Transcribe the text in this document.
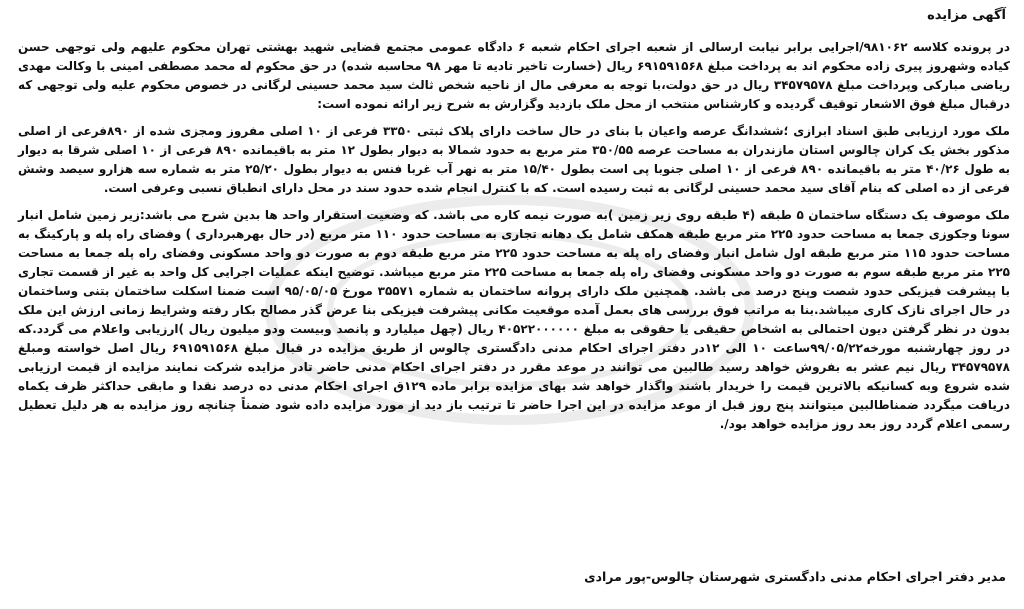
آگهی مزایده

در پرونده کلاسه ۹۸۱۰۶۲/اجرایی برابر نیابت ارسالی از شعبه اجرای احکام شعبه ۶ دادگاه عمومی مجتمع قضایی شهید بهشتی تهران محکوم علیهم ولی توجهی حسن کیاده وشهروز پیری زاده محکوم اند به پرداخت مبلغ ۶۹۱۵۹۱۵۶۸ ریال (خسارت تاخیر تادیه تا مهر ۹۸ محاسبه شده) در حق محکوم له محمد مصطفی امینی با وکالت مهدی ریاضی مبارکی وپرداخت مبلغ ۳۴۵۷۹۵۷۸ ریال در حق دولت،با توجه به معرفی مال از ناحیه شخص ثالث سید محمد حسینی لرگانی در خصوص محکوم علیه ولی توجهی که درقبال مبلغ فوق الاشعار توقیف گردیده و کارشناس منتخب از محل ملک بازدید وگزارش به شرح زیر ارائه نموده است:

ملک مورد ارزیابی طبق اسناد ابرازی ؛ششدانگ عرصه واعیان با بنای در حال ساخت دارای پلاک ثبتی ۳۳۵۰ فرعی از ۱۰ اصلی مفروز ومجزی شده از ۸۹۰فرعی از اصلی مذکور بخش یک کران چالوس استان مازندران به مساحت عرصه ۳۵۰/۵۵ متر مربع به حدود شمالا به دیوار بطول ۱۲ متر به باقیمانده ۸۹۰ فرعی از ۱۰ اصلی شرقا به دیوار به طول ۴۰/۲۶ متر به باقیمانده ۸۹۰ فرعی از ۱۰ اصلی جنوبا پی است بطول ۱۵/۴۰ متر به نهر آب غربا فنس به دیوار بطول ۲۵/۲۰ متر به شماره سه هزارو سیصد وشش فرعی از ده اصلی که بنام آقای سید محمد حسینی لرگانی به ثبت رسیده است. که با کنترل انجام شده حدود سند در محل دارای انطباق نسبی وعرفی است.

ملک موصوف یک دستگاه ساختمان ۵ طبقه (۴ طبقه روی زیر زمین )به صورت نیمه کاره می باشد. که وضعیت استقرار واحد ها بدین شرح می باشد:زیر زمین شامل انبار سونا وجکوزی جمعا به مساحت حدود ۲۲۵ متر مربع طبقه همکف شامل یک دهانه تجاری به مساحت حدود ۱۱۰ متر مربع (در حال بهرهبرداری ) وفضای راه پله و پارکینگ به مساحت حدود ۱۱۵ متر مربع طبقه اول شامل انبار وفضای راه پله به مساحت حدود ۲۲۵ متر مربع طبقه دوم به صورت دو واحد مسکونی وفضای راه پله جمعا به مساحت ۲۲۵ متر مربع طبقه سوم به صورت دو واحد مسکونی وفضای راه پله جمعا به مساحت ۲۲۵ متر مربع میباشد. توضیح اینکه عملیات اجرایی کل واحد به غیر از قسمت تجاری با پیشرفت فیزیکی حدود شصت وپنج درصد می باشد. همچنین ملک دارای پروانه ساختمان به شماره ۳۵۵۷۱ مورخ ۹۵/۰۵/۰۵ است ضمنا اسکلت ساختمان بتنی وساختمان در حال اجرای نازک کاری میباشد.بنا به مراتب فوق بررسی های بعمل آمده موقعیت مکانی پیشرفت فیزیکی بنا عرض گذر مصالح بکار رفته وشرایط زمانی ارزش این ملک بدون در نظر گرفتن دیون احتمالی به اشخاص حقیقی یا حقوقی به مبلغ ۴۰۵۲۲۰۰۰۰۰۰ ریال (چهل میلیارد و پانصد وبیست ودو میلیون ریال )ارزیابی واعلام می گردد.که در روز چهارشنبه مورخه۹۹/۰۵/۲۲ساعت ۱۰ الی ۱۲در دفتر اجرای احکام مدنی دادگستری چالوس از طریق مزایده در قبال مبلغ ۶۹۱۵۹۱۵۶۸ ریال اصل خواسته ومبلغ ۳۴۵۷۹۵۷۸ ریال نیم عشر به بفروش خواهد رسید طالبین می توانند در موعد مقرر در دفتر اجرای احکام مدنی حاضر تادر مزایده شرکت نمایند مزایده از قیمت ارزیابی شده شروع وبه کسانیکه بالاترین قیمت را خریدار باشند واگذار خواهد شد بهای مزایده برابر ماده ۱۲۹ق اجرای احکام مدنی ده درصد نقدا و مابقی حداکثر ظرف یکماه دریافت میگردد ضمناطالبین میتوانند پنج روز قبل از موعد مزایده در این اجرا حاضر تا ترتیب باز دید از مورد مزایده داده شود ضمناً چنانچه روز مزایده به هر دلیل تعطیل رسمی اعلام گردد روز بعد روز مزایده خواهد بود/.

مدیر دفتر اجرای احکام مدنی دادگستری شهرستان چالوس-پور مرادی
